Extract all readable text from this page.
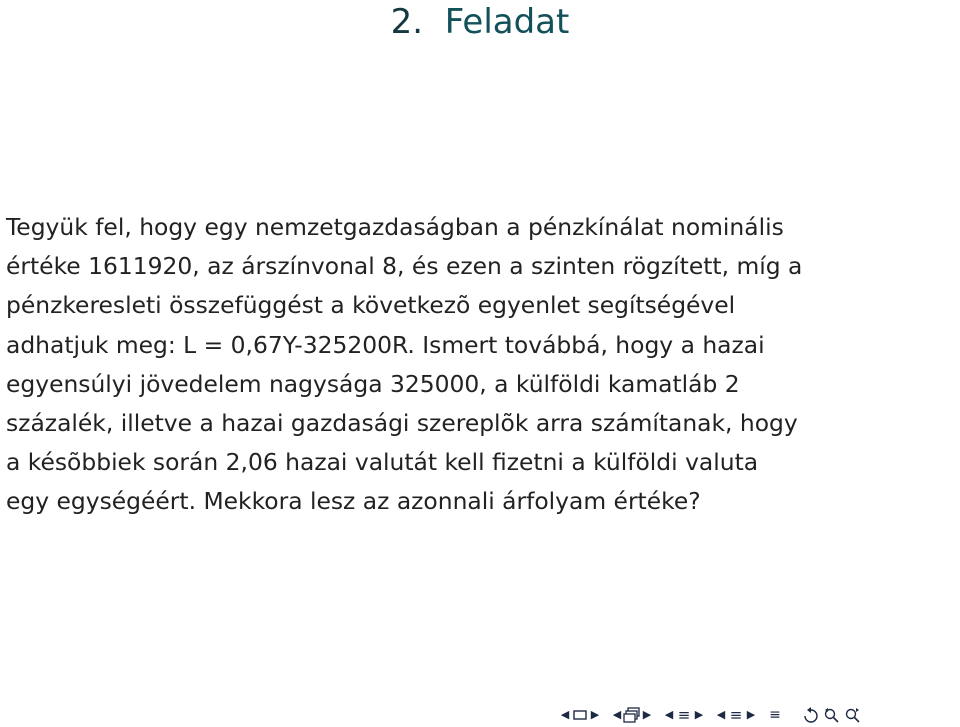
2. Feladat
Tegyük fel, hogy egy nemzetgazdaságban a pénzkínálat nominális
értéke 1611920, az árszínvonal 8, és ezen a szinten rögzített, míg a
pénzkeresleti összefüggést a következõ egyenlet segítségével
adhatjuk meg: L = 0,67Y-325200R. Ismert továbbá, hogy a hazai
egyensúlyi jövedelem nagysága 325000, a külföldi kamatláb 2
százalék, illetve a hazai gazdasági szereplõk arra számítanak, hogy
a késõbbiek során 2,06 hazai valutát kell fizetni a külföldi valuta
egy egységéért. Mekkora lesz az azonnali árfolyam értéke?
◀ ▶ ◀ ▶ ◀ ≡ ▶ ◀ ≡ ▶ ≡
